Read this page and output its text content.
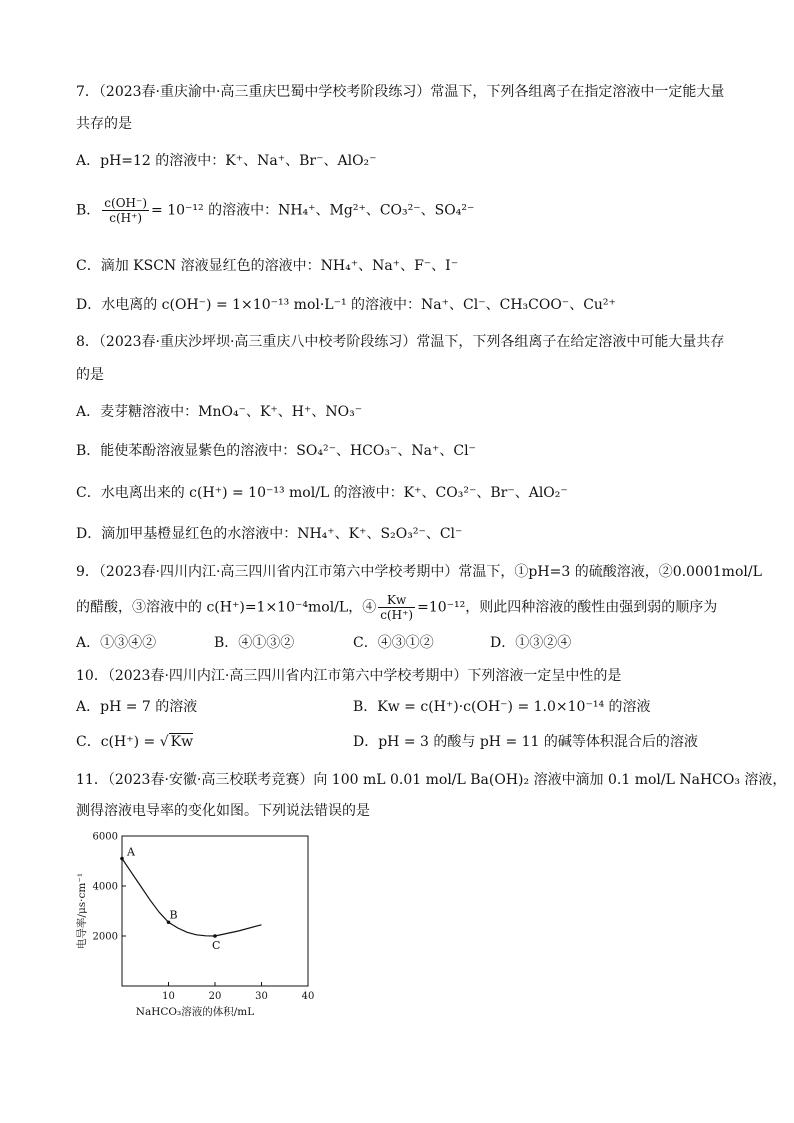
7．（2023春·重庆渝中·高三重庆巴蜀中学校考阶段练习）常温下，下列各组离子在指定溶液中一定能大量
共存的是
A．pH=12 的溶液中：K⁺、Na⁺、Br⁻、AlO₂⁻
B． $\frac{c(OH^-)}{c(H^+)} = 10^{-12}$ 的溶液中：NH₄⁺、Mg²⁺、CO₃²⁻、SO₄²⁻
C．滴加 KSCN 溶液显红色的溶液中：NH₄⁺、Na⁺、F⁻、I⁻
D．水电离的 c(OH⁻) = 1×10⁻¹³ mol·L⁻¹ 的溶液中：Na⁺、Cl⁻、CH₃COO⁻、Cu²⁺
8．（2023春·重庆沙坪坝·高三重庆八中校考阶段练习）常温下，下列各组离子在给定溶液中可能大量共存
的是
A．麦芽糖溶液中：MnO₄⁻、K⁺、H⁺、NO₃⁻
B．能使苯酚溶液显紫色的溶液中：SO₄²⁻、HCO₃⁻、Na⁺、Cl⁻
C．水电离出来的 c(H⁺) = 10⁻¹³ mol/L 的溶液中：K⁺、CO₃²⁻、Br⁻、AlO₂⁻
D．滴加甲基橙显红色的水溶液中：NH₄⁺、K⁺、S₂O₃²⁻、Cl⁻
9．（2023春·四川内江·高三四川省内江市第六中学校考期中）常温下，①pH=3 的硫酸溶液，②0.0001mol/L
的醋酸，③溶液中的 c(H⁺)=1×10⁻⁴mol/L，④ $\frac{Kw}{c(H^+)} =10^{-12}$，则此四种溶液的酸性由强到弱的顺序为
A．①③④②	B．④①③②	C．④③①②	D．①③②④
10．（2023春·四川内江·高三四川省内江市第六中学校考期中）下列溶液一定呈中性的是
A．pH = 7 的溶液	B．Kw = c(H⁺)·c(OH⁻) = 1.0×10⁻¹⁴ 的溶液
C．c(H⁺) = √ Kw	D．pH = 3 的酸与 pH = 11 的碱等体积混合后的溶液
11．（2023春·安徽·高三校联考竞赛）向 100 mL 0.01 mol/L Ba(OH)₂ 溶液中滴加 0.1 mol/L NaHCO₃ 溶液，
测得溶液电导率的变化如图。下列说法错误的是
10	20	30	40
2000
4000
6000
NaHCO₃溶液的体积/mL
电导率/μs·cm⁻¹
A
B
C
